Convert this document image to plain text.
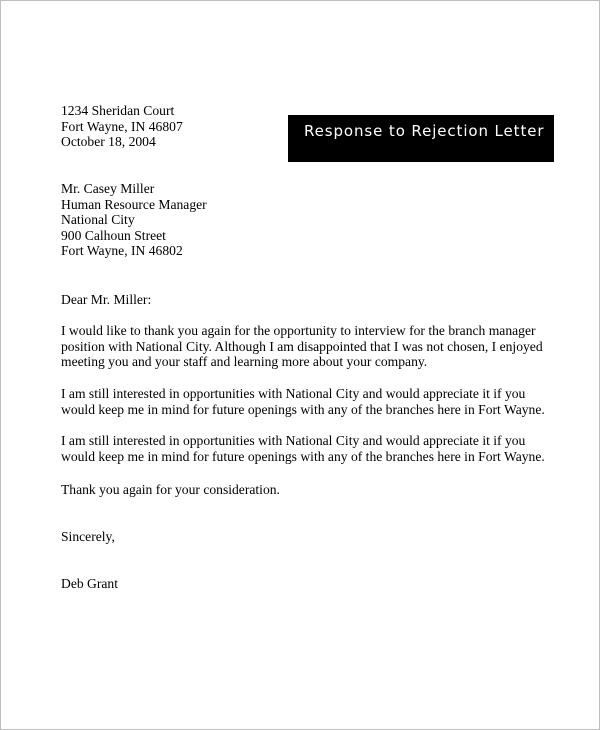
1234 Sheridan Court
Fort Wayne, IN 46807
October 18, 2004
Response to Rejection Letter
Mr. Casey Miller
Human Resource Manager
National City
900 Calhoun Street
Fort Wayne, IN 46802
Dear Mr. Miller:
I would like to thank you again for the opportunity to interview for the branch manager
position with National City. Although I am disappointed that I was not chosen, I enjoyed
meeting you and your staff and learning more about your company.
I am still interested in opportunities with National City and would appreciate it if you
would keep me in mind for future openings with any of the branches here in Fort Wayne.
I am still interested in opportunities with National City and would appreciate it if you
would keep me in mind for future openings with any of the branches here in Fort Wayne.
Thank you again for your consideration.
Sincerely,
Deb Grant
